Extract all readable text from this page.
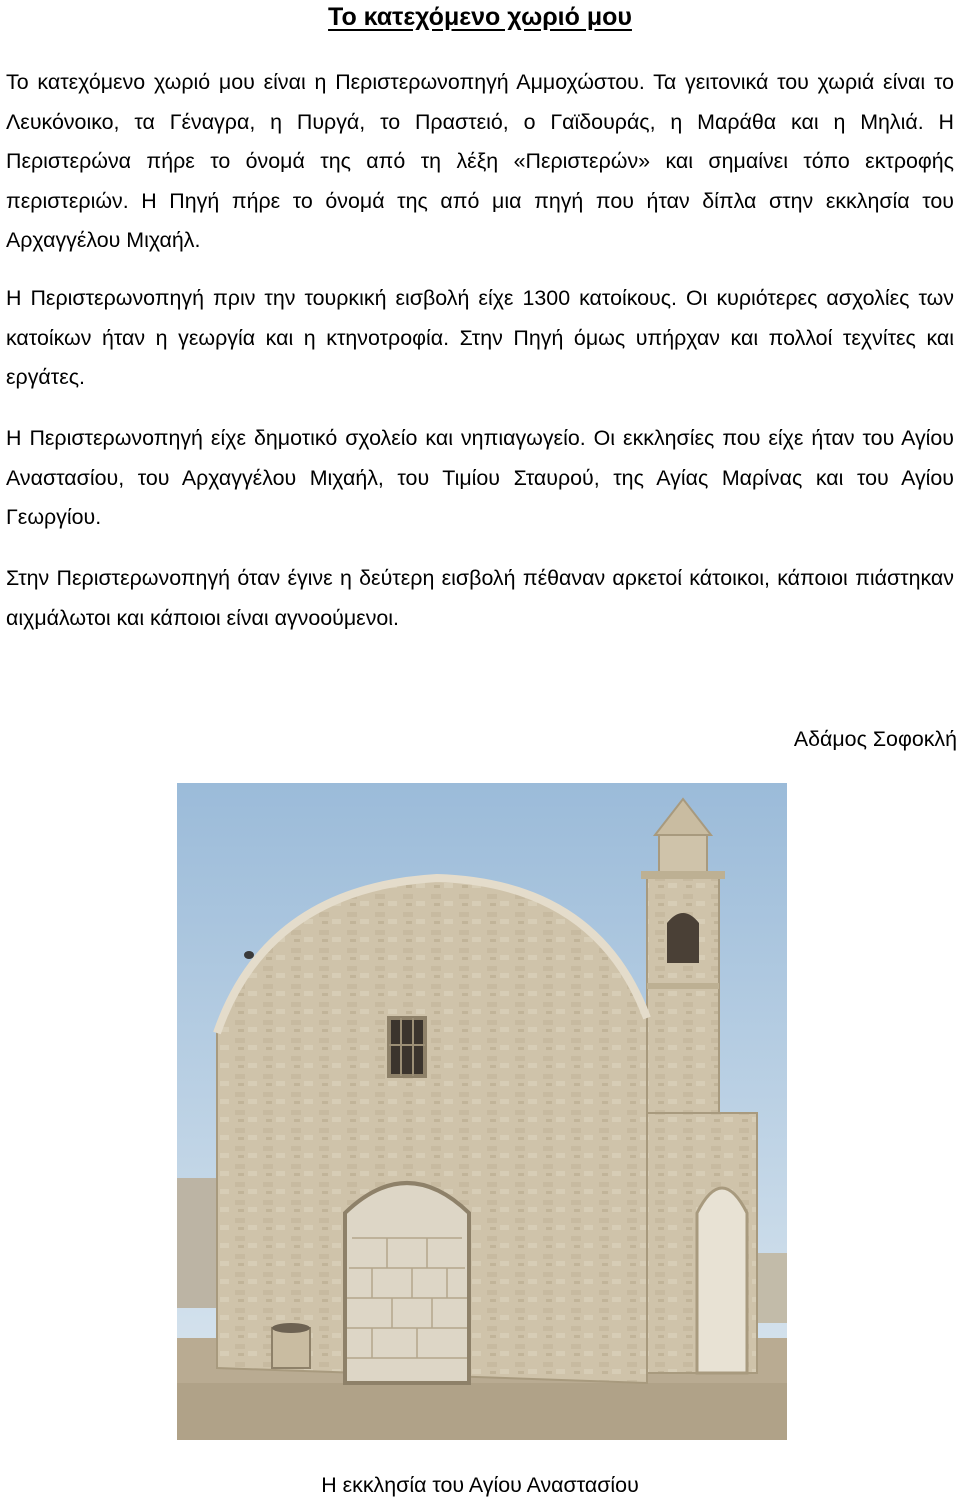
Το κατεχόμενο χωριό μου
Το κατεχόμενο χωριό μου είναι η Περιστερωνοπηγή Αμμοχώστου. Τα γειτονικά του χωριά είναι το Λευκόνοικο, τα Γέναγρα, η Πυργά, το Πραστειό, ο Γαϊδουράς, η Μαράθα και η Μηλιά. Η Περιστερώνα πήρε το όνομά της από τη λέξη «Περιστερών» και σημαίνει τόπο εκτροφής περιστεριών. Η Πηγή πήρε το όνομά της από μια πηγή που ήταν δίπλα στην εκκλησία του Αρχαγγέλου Μιχαήλ.
Η Περιστερωνοπηγή πριν την τουρκική εισβολή είχε 1300 κατοίκους. Οι κυριότερες ασχολίες των κατοίκων ήταν η γεωργία και η κτηνοτροφία. Στην Πηγή όμως υπήρχαν και πολλοί τεχνίτες και εργάτες.
Η Περιστερωνοπηγή είχε δημοτικό σχολείο και νηπιαγωγείο. Οι εκκλησίες που είχε ήταν του Αγίου Αναστασίου, του Αρχαγγέλου Μιχαήλ, του Τιμίου Σταυρού, της Αγίας Μαρίνας και του Αγίου Γεωργίου.
Στην Περιστερωνοπηγή όταν έγινε η δεύτερη εισβολή πέθαναν αρκετοί κάτοικοι, κάποιοι πιάστηκαν αιχμάλωτοι και κάποιοι είναι αγνοούμενοι.
Αδάμος Σοφοκλή
Η εκκλησία του Αγίου Αναστασίου
